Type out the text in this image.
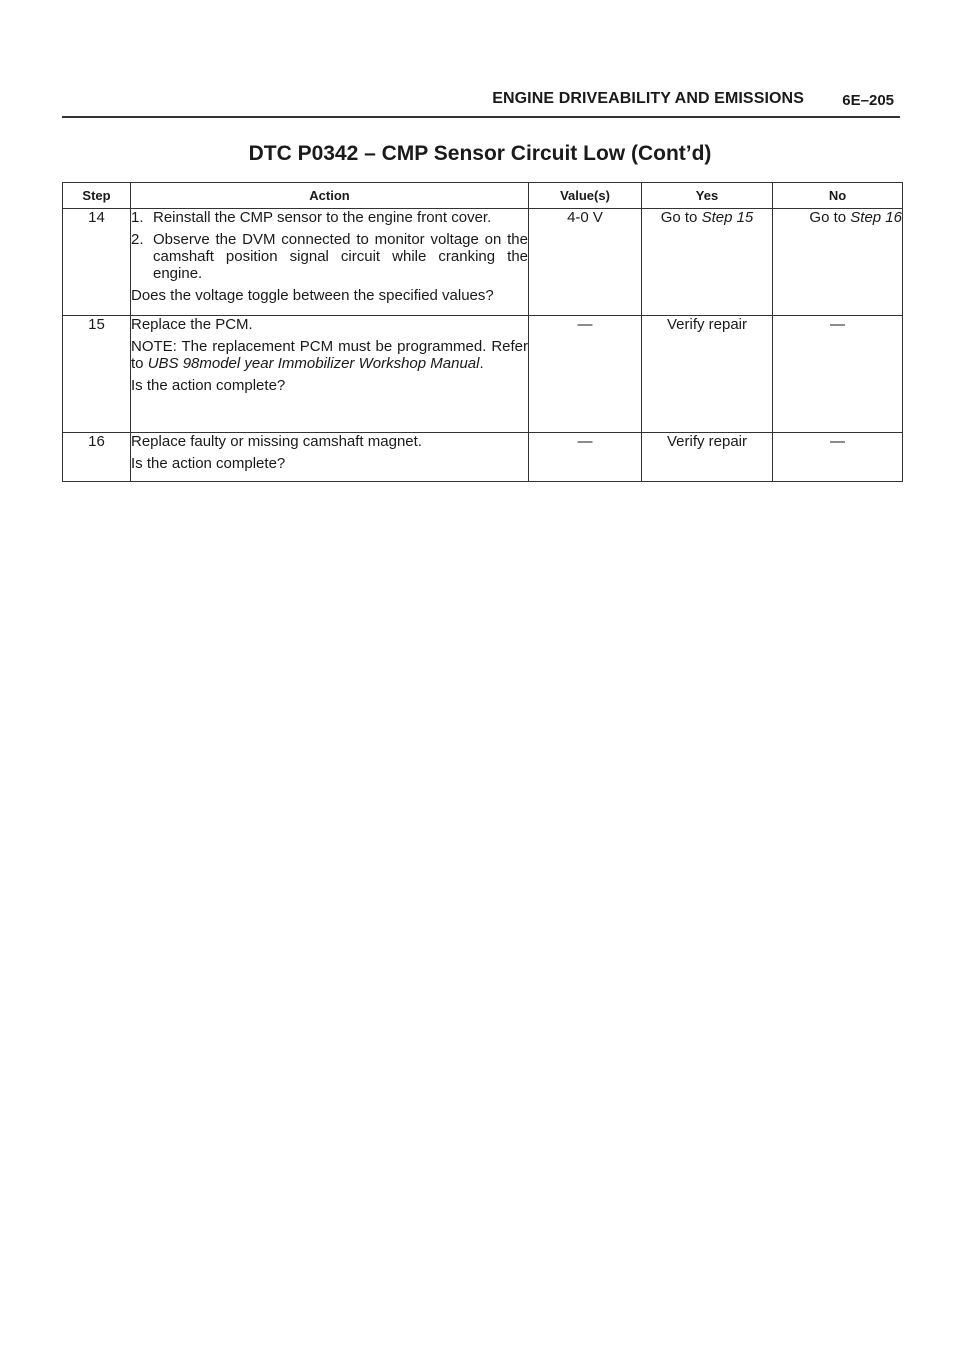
ENGINE DRIVEABILITY AND EMISSIONS	6E–205
DTC P0342 – CMP Sensor Circuit Low (Cont’d)
Step	Action	Value(s)	Yes	No
14	1. Reinstall the CMP sensor to the engine front cover.
2. Observe the DVM connected to monitor voltage on the camshaft position signal circuit while cranking the engine.

Does the voltage toggle between the specified values?	4-0 V	Go to Step 15	Go to Step 16
15	Replace the PCM.

NOTE: The replacement PCM must be programmed. Refer to UBS 98model year Immobilizer Workshop Manual.

Is the action complete?	—	Verify repair	—
16	Replace faulty or missing camshaft magnet.

Is the action complete?	—	Verify repair	—
